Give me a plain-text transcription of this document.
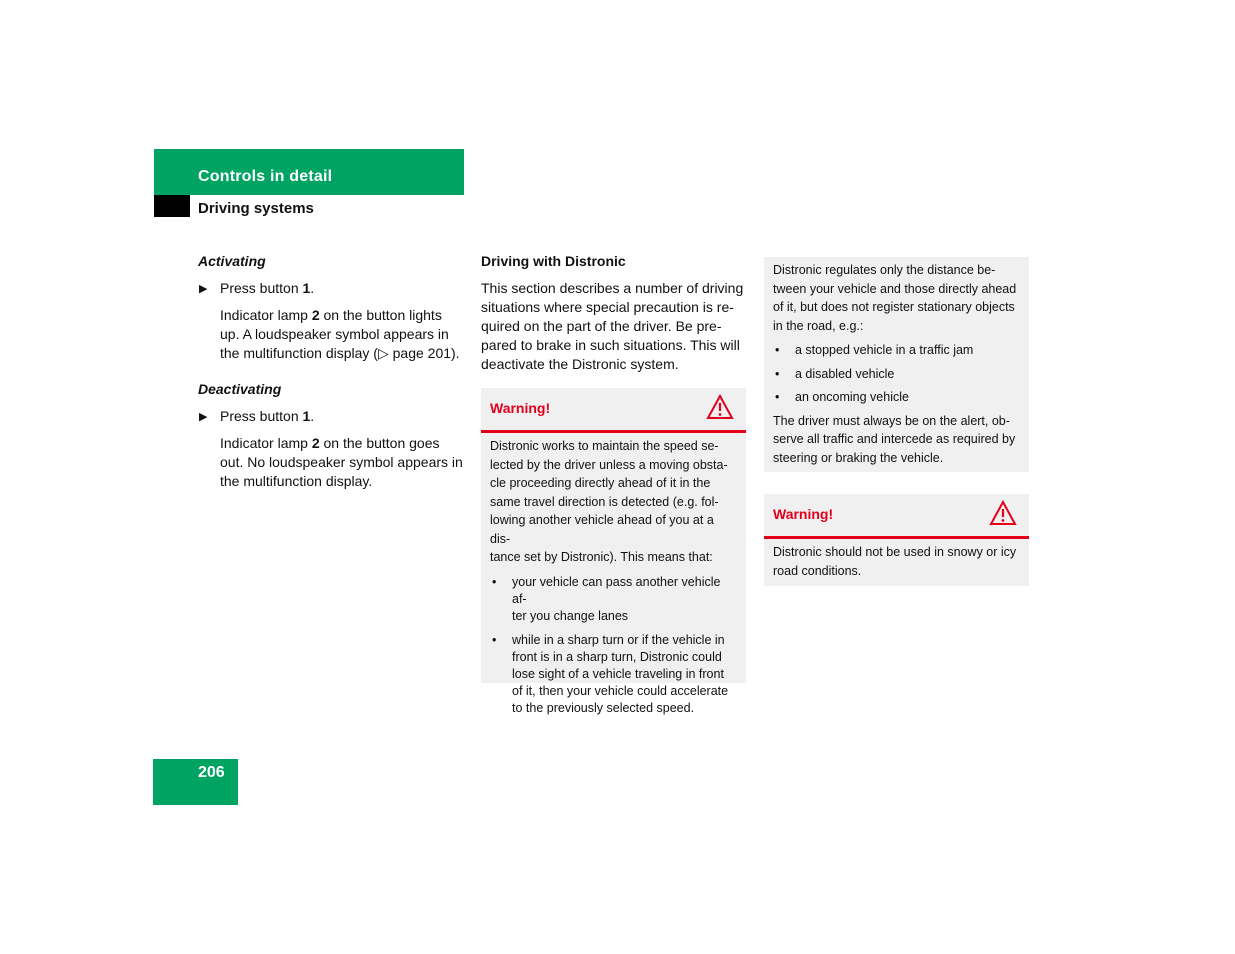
Controls in detail
Driving systems
Activating
▶ Press button 1.
Indicator lamp 2 on the button lights
up. A loudspeaker symbol appears in
the multifunction display (▷ page 201).
Deactivating
▶ Press button 1.
Indicator lamp 2 on the button goes
out. No loudspeaker symbol appears in
the multifunction display.
Driving with Distronic
This section describes a number of driving
situations where special precaution is re-
quired on the part of the driver. Be pre-
pared to brake in such situations. This will
deactivate the Distronic system.
Warning!
Distronic works to maintain the speed se-
lected by the driver unless a moving obsta-
cle proceeding directly ahead of it in the
same travel direction is detected (e.g. fol-
lowing another vehicle ahead of you at a dis-
tance set by Distronic). This means that:
• your vehicle can pass another vehicle af-
ter you change lanes
• while in a sharp turn or if the vehicle in
front is in a sharp turn, Distronic could
lose sight of a vehicle traveling in front
of it, then your vehicle could accelerate
to the previously selected speed.
Distronic regulates only the distance be-
tween your vehicle and those directly ahead
of it, but does not register stationary objects
in the road, e.g.:
• a stopped vehicle in a traffic jam
• a disabled vehicle
• an oncoming vehicle
The driver must always be on the alert, ob-
serve all traffic and intercede as required by
steering or braking the vehicle.
Warning!
Distronic should not be used in snowy or icy
road conditions.
206
